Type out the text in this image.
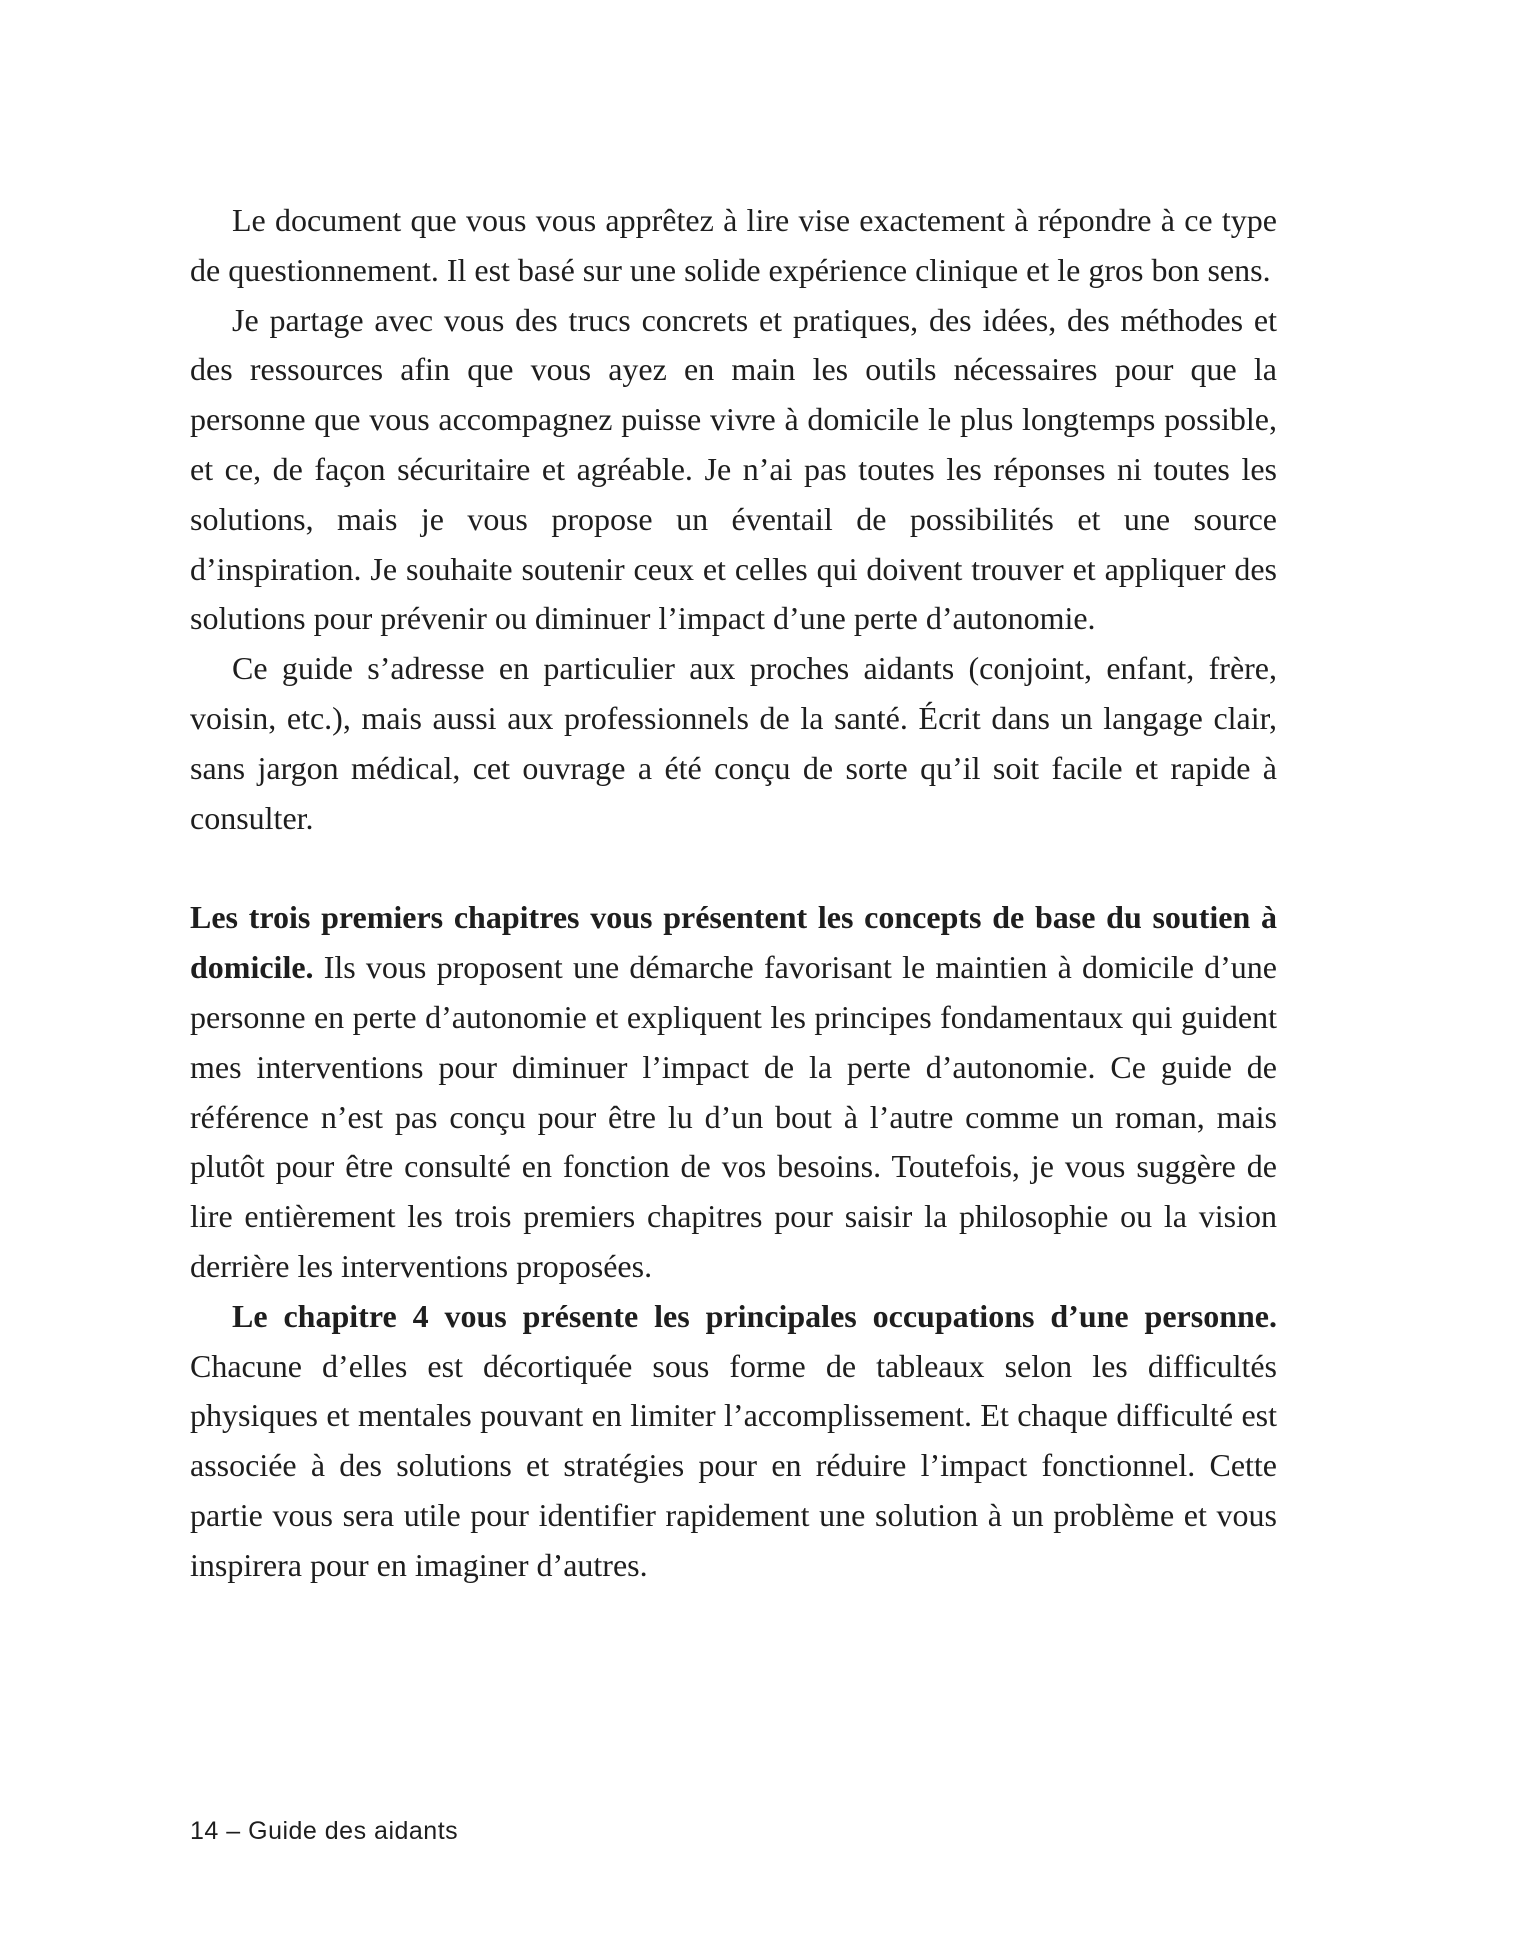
Le document que vous vous apprêtez à lire vise exactement à répondre à ce type de questionnement. Il est basé sur une solide expérience clinique et le gros bon sens.

Je partage avec vous des trucs concrets et pratiques, des idées, des méthodes et des ressources afin que vous ayez en main les outils nécessaires pour que la personne que vous accompagnez puisse vivre à domicile le plus longtemps possible, et ce, de façon sécuritaire et agréable. Je n’ai pas toutes les réponses ni toutes les solutions, mais je vous propose un éventail de possibilités et une source d’inspiration. Je souhaite soutenir ceux et celles qui doivent trouver et appliquer des solutions pour prévenir ou diminuer l’impact d’une perte d’autonomie.

Ce guide s’adresse en particulier aux proches aidants (conjoint, enfant, frère, voisin, etc.), mais aussi aux professionnels de la santé. Écrit dans un langage clair, sans jargon médical, cet ouvrage a été conçu de sorte qu’il soit facile et rapide à consulter.

Les trois premiers chapitres vous présentent les concepts de base du soutien à domicile. Ils vous proposent une démarche favorisant le maintien à domicile d’une personne en perte d’autonomie et expliquent les principes fondamentaux qui guident mes interventions pour diminuer l’impact de la perte d’autonomie. Ce guide de référence n’est pas conçu pour être lu d’un bout à l’autre comme un roman, mais plutôt pour être consulté en fonction de vos besoins. Toutefois, je vous suggère de lire entièrement les trois premiers chapitres pour saisir la philosophie ou la vision derrière les interventions proposées.

Le chapitre 4 vous présente les principales occupations d’une personne. Chacune d’elles est décortiquée sous forme de tableaux selon les difficultés physiques et mentales pouvant en limiter l’accomplissement. Et chaque difficulté est associée à des solutions et stratégies pour en réduire l’impact fonctionnel. Cette partie vous sera utile pour identifier rapidement une solution à un problème et vous inspirera pour en imaginer d’autres.

14 – Guide des aidants
